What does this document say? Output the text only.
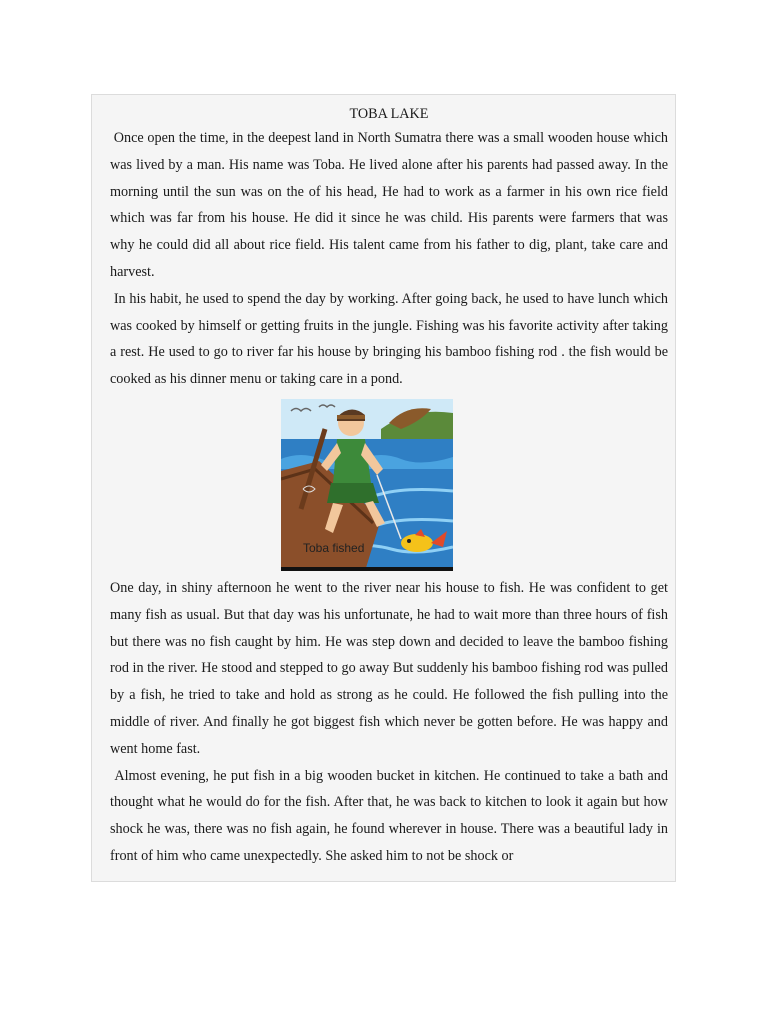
TOBA LAKE

Once open the time, in the deepest land in North Sumatra there was a small wooden house which was lived by a man. His name was Toba. He lived alone after his parents had passed away. In the morning until the sun was on the of his head, He had to work as a farmer in his own rice field which was far from his house. He did it since he was child. His parents were farmers that was why he could did all about rice field. His talent came from his father to dig, plant, take care and harvest.

In his habit, he used to spend the day by working. After going back, he used to have lunch which was cooked by himself or getting fruits in the jungle. Fishing was his favorite activity after taking a rest. He used to go to river far his house by bringing his bamboo fishing rod . the fish would be cooked as his dinner menu or taking care in a pond.

Toba fished

One day, in shiny afternoon he went to the river near his house to fish. He was confident to get many fish as usual. But that day was his unfortunate, he had to wait more than three hours of fish but there was no fish caught by him. He was step down and decided to leave the bamboo fishing rod in the river. He stood and stepped to go away But suddenly his bamboo fishing rod was pulled by a fish, he tried to take and hold as strong as he could. He followed the fish pulling into the middle of river. And finally he got biggest fish which never be gotten before. He was happy and went home fast.

Almost evening, he put fish in a big wooden bucket in kitchen. He continued to take a bath and thought what he would do for the fish. After that, he was back to kitchen to look it again but how shock he was, there was no fish again, he found wherever in house. There was a beautiful lady in front of him who came unexpectedly. She asked him to not be shock or
